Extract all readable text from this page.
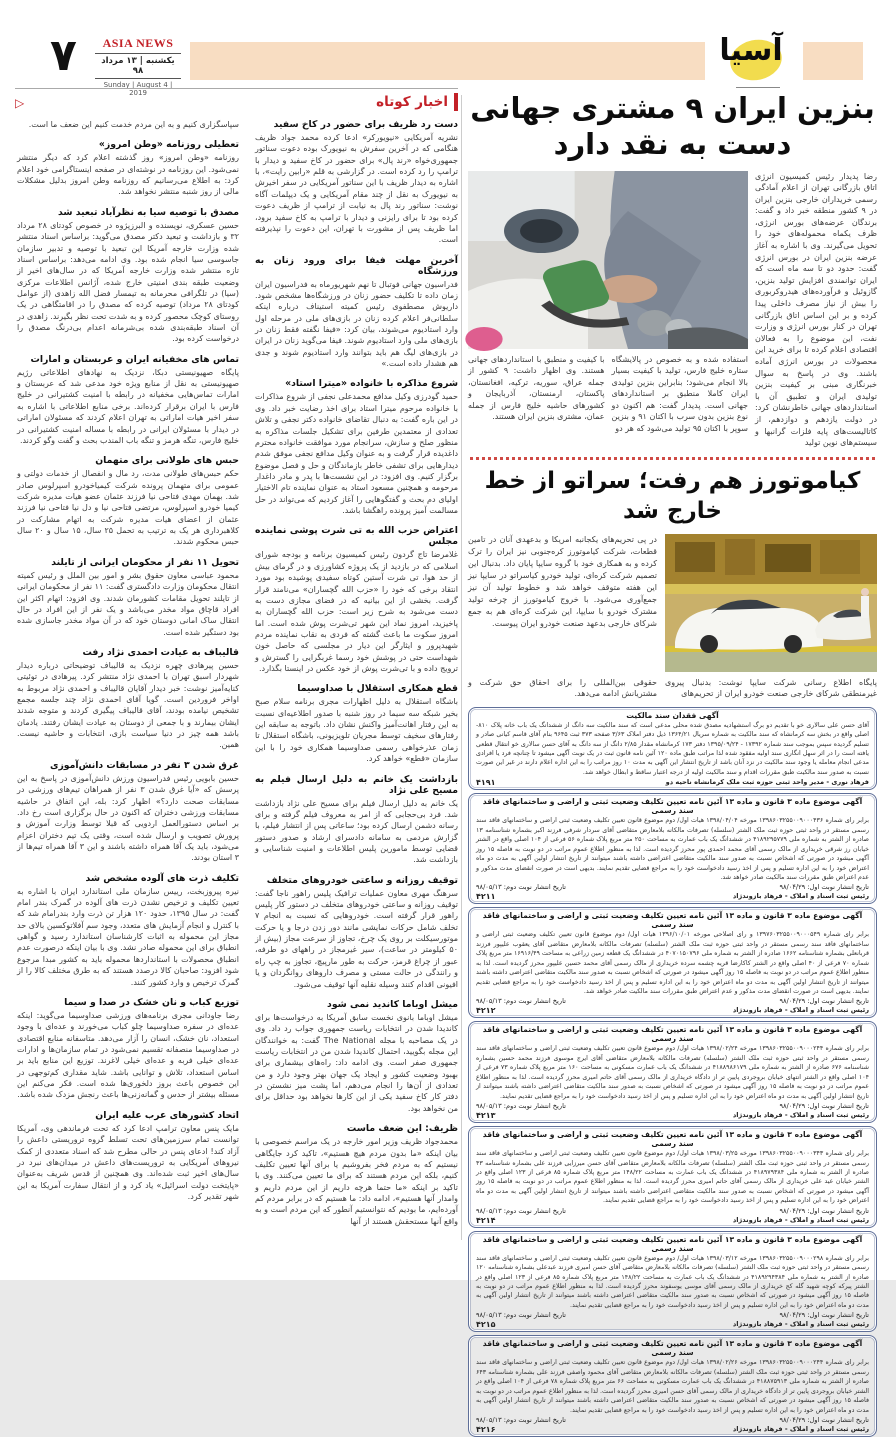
۷	ASIA NEWS
یکشنبه | ۱۳ مرداد ۹۸
Sunday | August 4 | 2019
آسیا
▷	اخبار کوتاه
دست رد ظریف برای حضور در کاخ سفید
نشریه آمریکایی «نیویورکر» ادعا کرده محمد جواد ظریف هنگامی که در آخرین سفرش به نیویورک بوده دعوت سناتور جمهوری‌خواه «رند پال» برای حضور در کاخ سفید و دیدار با ترامپ را رد کرده است. در گزارشی به قلم «رابین رایت»، با اشاره به دیدار ظریف با این سناتور آمریکایی در سفر اخیرش به نیویورک به نقل از چند مقام آمریکایی و یک دیپلمات آگاه نوشت: سناتور رند پال به نیابت از ترامپ از ظریف دعوت کرده بود تا برای رایزنی و دیدار با ترامپ به کاخ سفید برود، اما ظریف پس از مشورت با تهران، این دعوت را نپذیرفته است.
آخرین مهلت فیفا برای ورود زنان به ورزشگاه
فدراسیون جهانی فوتبال تا نهم شهریورماه به فدراسیون ایران زمان داده تا تکلیف حضور زنان در ورزشگاه‌ها مشخص شود. داریوش مصطفوی رئیس کمیته استیناف درباره اینکه سلطانی‌فر اعلام کرده زنان در بازی‌های ملی در مرحله اول وارد استادیوم می‌شوند، بیان کرد: «فیفا نگفته فقط زنان در بازی‌های ملی وارد استادیوم شوند. فیفا می‌گوید زنان در ایران در بازی‌های لیگ هم باید بتوانند وارد استادیوم شوند و جدی هم هشدار داده است.»
شروع مذاکره با خانواده «میترا استاد»
حمید گودرزی وکیل مدافع محمدعلی نجفی از شروع مذاکرات با خانواده مرحوم میترا استاد برای اخذ رضایت خبر داد. وی در این باره گفت: به دنبال تقاضای خانواده دکتر نجفی و تلاش تعدادی از معتمدین طرفین برای تشکیل جلسات مذاکره به منظور صلح و سازش، سرانجام مورد موافقت خانواده محترم داغدیده قرار گرفت و به عنوان وکیل مدافع نجفی موفق شدم دیدارهایی برای تشفی خاطر بازماندگان و حل و فصل موضوع برگزار کنیم. وی افزود: در این نشست‌ها با پدر و مادر داغدار مرحومه و همچنین مسعود استاد به عنوان نماینده تام الاختیار اولیای دم بحث و گفتگوهایی را آغاز کردیم که می‌تواند در حل مسالمت آمیز پرونده راهگشا باشد.
اعتراض حزب الله به تی شرت پوشی نماینده مجلس
غلامرضا تاج گردون رئیس کمیسیون برنامه و بودجه شورای اسلامی که در بازدید از یک پروژه کشاورزی و در گرمای بیش از حد هوا، تی شرت آستین کوتاه سفیدی پوشیده بود مورد انتقاد برخی که خود را «حزب الله گچساران» می‌نامند قرار گرفت. بخشی از این بیانیه که در فضای مجازی دست به دست می‌شود به شرح زیر است: حزب الله گچساران به پاخیزید، امروز نماد این شهر تی‌شرت پوش شده است. اما امروز سکوت ما باعث گشته که فردی به نقاب نماینده مردم شهیدپرور و ایثارگر این دیار در مجلسی که حاصل خون شهداست حتی در پوشش خود رسما غربگرایی را گسترش و ترویج داده و با تی‌شرت پوش از خود عکس در اینستا بگذارد.
قطع همکاری استقلال با صداوسیما
باشگاه استقلال به دلیل اظهارات مجری برنامه سلام صبح بخیر شبکه سه سیما در روز شنبه با صدور اطلاعیه‌ای نسبت به این رفتار اهانت‌آمیز واکنش نشان داد. باتوجه به سابقه این رفتارهای سخیف توسط مجریان تلویزیونی، باشگاه استقلال تا زمان عذرخواهی رسمی صداوسیما همکاری خود را با این سازمان «قطع» خواهد کرد.
بازداشت یک خانم به دلیل ارسال فیلم به مسیح علی نژاد
یک خانم به دلیل ارسال فیلم برای مسیح علی نژاد بازداشت شد. فرد بی‌حجابی که از امر به معروف فیلم گرفته و برای رسانه دشمن ارسال کرده بود؛ ساعاتی پس از انتشار فیلم، با گزارش مردمی به سامانه دادسرای ارشاد و صدور دستور قضایی توسط مامورین پلیس اطلاعات و امنیت شناسایی و بازداشت شد.
توقیف روزانه و ساعتی خودروهای متخلف
سرهنگ مهری معاون عملیات ترافیک پلیس راهور ناجا گفت: توقیف روزانه و ساعتی خودروهای متخلف در دستور کار پلیس راهور قرار گرفته است. خودروهایی که نسبت به انجام ۷ تخلف شامل حرکات نمایشی مانند دور زدن درجا و یا حرکت موتورسیکلت بر روی یک چرخ، تجاوز از سرعت مجاز (بیش از ۵۰ کیلومتر در ساعت)، سیر غیرمجاز در راههای دو طرفه، عبور از چراغ قرمز، حرکت به طور مارپیچ، تجاوز به چپ راه و رانندگی در حالت مستی و مصرف داروهای روانگردان و یا افیونی اقدام کنند وسیله نقلیه آنها توقیف می‌شود.
میشل اوباما کاندید نمی شود
میشل اوباما بانوی نخست سابق آمریکا به درخواست‌ها برای کاندیدا شدن در انتخابات ریاست جمهوری جواب رد داد. وی در یک مصاحبه با مجله The National گفت: به خوانندگان این مجله بگویید، احتمال کاندیدا شدن من در انتخابات ریاست جمهوری صفر است. وی ادامه داد: راه‌های بیشماری برای بهبود وضعیت کشور و ایجاد یک جهان بهتر وجود دارد و من تعدادی از آن‌ها را انجام می‌دهم، اما پشت میز نشستن در دفتر کار کاخ سفید یکی از این کارها نخواهد بود حداقل برای من نخواهد بود.
ظریف: این ضعف ماست
محمدجواد ظریف وزیر امور خارجه در یک مراسم خصوصی با بیان اینکه «ما بدون مردم هیچ هستیم»، تاکید کرد جایگاهی نیستیم که به مردم فخر بفروشیم یا برای آنها تعیین تکلیف کنیم، بلکه این مردم هستند که برای ما تعیین می‌کنند. وی با تاکید بر اینکه «ما حتما هرچه داریم از این مردم داریم و وامدار آنها هستیم»، ادامه داد: ما هستیم که در برابر مردم کم آورده‌ایم، ما بودیم که نتوانستیم آنطور که این مردم است و به واقع آنها مستحقش هستند از آنها
سپاسگزاری کنیم و به این مردم خدمت کنیم این ضعف ما است.
تعطیلی روزنامه «وطن امروز»
روزنامه «وطن امروز» روز گذشته اعلام کرد که دیگر منتشر نمی‌شود. این روزنامه در نوشته‌ای در صفحه اینستاگرامی خود اعلام کرد: به اطلاع می‌رسانیم که روزنامه وطن امروز بدلیل مشکلات مالی از روز شنبه منتشر نخواهد شد.
مصدق با توصیه سیا به نظرآباد تبعید شد
حسین عسکری، نویسنده و البرزپژوه در خصوص کودتای ۲۸ مرداد ۳۲ و بازداشت و تبعید دکتر مصدق می‌گوید: براساس اسناد منتشر شده وزارت خارجه آمریکا این تبعید با توصیه و تدبیر سازمان جاسوسی سیا انجام شده بود. وی ادامه می‌دهد: براساس اسناد تازه منتشر شده وزارت خارجه آمریکا که در سال‌های اخیر از وضعیت طبقه بندی امنیتی خارج شده، آژانس اطلاعات مرکزی (سیا) در تلگرافی محرمانه به تیمسار فضل الله زاهدی (از عوامل کودتای ۲۸ مرداد) توصیه کرده که مصدق را در اقامتگاهی در یک روستای کوچک محصور کرده و به شدت تحت نظر بگیرند. زاهدی در آن اسناد طبقه‌بندی شده بی‌شرمانه اعدام بی‌درنگ مصدق را درخواست کرده بود.
تماس های مخفیانه ایران و عربستان و امارات
پایگاه صهیونیستی دبکا، نزدیک به نهادهای اطلاعاتی رژیم صهیونیستی به نقل از منابع ویژه خود مدعی شد که عربستان و امارات تماس‌هایی مخفیانه در رابطه با امنیت کشتیرانی در خلیج فارس با ایران برقرار کرده‌اند. برخی منابع اطلاعاتی با اشاره به سفر اخیر هیات اماراتی به تهران اعلام کردند که مسئولان اماراتی در دیدار با مسئولان ایرانی در رابطه با مساله امنیت کشتیرانی در خلیج فارس، تنگه هرمز و تنگه باب المندب بحث و گفت وگو کردند.
حبس های طولانی برای متهمان
حکم حبس‌های طولانی مدت، رد مال و انفصال از خدمات دولتی و عمومی برای متهمان پرونده شرکت کیمیاخودرو اسپرلوس صادر شد. بهمان مهدی فتاحی نیا فرزند عثمان عضو هیات مدیره شرکت کیمیا خودرو اسپرلوس، مرتضی فتاحی نیا و دل نیا فتاحی نیا فرزند عثمان از اعضای هیات مدیره شرکت به اتهام مشارکت در کلاهبرداری هر یک به ترتیب به تحمل ۲۵ سال، ۱۵ سال و ۲۰ سال حبس محکوم شدند.
تحویل ۱۱ نفر از محکومان ایرانی از تایلند
محمود عباسی معاون حقوق بشر و امور بین الملل و رئیس کمیته انتقال محکومان وزارت دادگستری گفت: ۱۱ نفر از محکومان ایرانی از تایلند تحویل مقامات کشورمان شدند. وی افزود: اتهام اکثر این افراد قاچاق مواد مخدر می‌باشد و یک نفر از این افراد در حال انتقال ساک امانی دوستان خود که در آن مواد مخدر جاسازی شده بود دستگیر شده است.
قالیباف به عیادت احمدی نژاد رفت
حسین پیرهادی چهره نزدیک به قالیباف توضیحاتی درباره دیدار شهردار اسبق تهران با احمدی نژاد منتشر کرد. پیرهادی در توئیتی کنایه‌آمیز نوشت: خبر دیدار آقایان قالیباف و احمدی نژاد مربوط به اواخر فروردین است. گویا آقای احمدی نژاد چند جلسه مجمع تشخیص نیامده بودند، آقای قالیباف پیگیری کردند و متوجه شدند ایشان بیمارند و با جمعی از دوستان به عیادت ایشان رفتند. یادمان باشد همه چیز در دنیا سیاست بازی، انتخابات و حاشیه نیست. همین.
غرق شدن ۳ نفر در مسابقات دانش‌آموزی
حسین بابویی رئیس فدراسیون ورزش دانش‌آموزی در پاسخ به این پرسش که «آیا غرق شدن ۳ نفر از همراهان تیم‌های ورزشی در مسابقات صحت دارد؟» اظهار کرد: بله، این اتفاق در حاشیه مسابقات ورزشی دختران که اکنون در حال برگزاری است رخ داد. بر اساس دستورالعمل اردویی که قبلا توسط وزارت آموزش و پرورش تصویب و ارسال شده است، وقتی یک تیم دختران اعزام می‌شود، باید یک آقا همراه داشته باشند و این ۳ آقا همراه تیم‌ها از ۳ استان بودند.
تکلیف ذرت های آلوده مشخص شد
نیره پیروزبخت، رییس سازمان ملی استاندارد ایران با اشاره به تعیین تکلیف و ترخیص نشدن ذرت های آلوده در گمرک بندر امام گفت: در سال ۱۳۹۵، حدود ۱۲۰ هزار تن ذرت وارد بندرامام شد که با کنترل و انجام آزمایش های متعدد، وجود سم آفلاتوکسین بالای حد مجاز این محموله به اثبات کارشناسان استاندارد رسید و گواهی انطباق برای این محموله صادر نشد. وی با بیان اینکه درصورت عدم انطباق محصولات با استانداردها محموله باید به کشور مبدا مرجوع شود افزود: صاحبان کالا درصدد هستند که به طرق مختلف کالا را از گمرک ترخیص و وارد کشور کنند.
توزیع کباب و نان خشک در صدا و سیما
رضا جاودانی مجری برنامه‌های ورزشی صداوسیما می‌گوید: اینکه عده‌ای در سفره صداوسیما چلو کباب می‌خورند و عده‌ای با وجود استعداد، نان خشک، انسان را آزار می‌دهد. متاسفانه منابع اقتصادی در صداوسیما منصفانه تقسیم نمی‌شود در تمام سازمان‌ها و ادارات عده‌ای خیلی فربه و عده‌ای خیلی لاغرند. توزیع این منابع باید بر اساس استعداد، تلاش و توانایی باشد. شاید مقداری کم‌توجهی در این خصوص باعث بروز دلخوری‌ها شده است. فکر می‌کنم این مسئله بیشتر از حدس و گمانه‌زنی‌ها باعث رنجش مزدک شده باشد.
اتحاد کشورهای عرب علیه ایران
مایک پنس معاون ترامپ ادعا کرد که تحت فرماندهی وی، آمریکا توانست تمام سرزمین‌های تحت تسلط گروه تروریستی داعش را آزاد کند! ادعای پنس در حالی مطرح شد که اسناد متعددی از کمک نیروهای آمریکایی به تروریست‌های داعش در میدان‌های نبرد در سال‌های اخیر ثبت شده‌اند. وی همچنین از قدس شریف به‌عنوان «پایتخت دولت اسرائیل» یاد کرد و از انتقال سفارت آمریکا به این شهر تقدیر کرد.
بنزین ایران ۹ مشتری جهانی دست به نقد دارد
رضا پدیدار رئیس کمیسیون انرژی اتاق بازرگانی تهران از اعلام آمادگی رسمی خریداران خارجی بنزین ایران در ۹ کشور منطقه خبر داد و گفت: برندگان عرضه‌های بورس انرژی، ظرف یکماه محموله‌های خود را تحویل می‌گیرند. وی با اشاره به آغاز عرضه بنزین ایران در بورس انرژی گفت: حدود دو تا سه ماه است که ایران توانمندی افزایش تولید بنزین، گازوئیل و فرآورده‌های هیدروکربوری را بیش از نیاز مصرف داخلی پیدا کرده و بر این اساس اتاق بازرگانی تهران در کنار بورس انرژی و وزارت نفت، این موضوع را به فعالان اقتصادی اعلام کرده تا برای خرید این محصولات در بورس انرژی آماده باشند. وی در پاسخ به سوال خبرنگاری مبنی بر کیفیت بنزین تولیدی ایران و تطبیق آن با استانداردهای جهانی خاطرنشان کرد: در دولت یازدهم و دوازدهم، از کاتالیست‌های پایه فلزات گرانبها و سیستم‌های نوین تولید
استفاده شده و به خصوص در پالایشگاه ستاره خلیج فارس، تولید با کیفیت بسیار بالا انجام می‌شود؛ بنابراین بنزین تولیدی ایران کاملا منطبق بر استانداردهای جهانی است. پدیدار گفت: هم اکنون دو نوع بنزین بدون سرب با اکتان ۹۱ و بنزین سوپر با اکتان ۹۵ تولید می‌شود که هر دو
با کیفیت و منطبق با استانداردهای جهانی هستند. وی اظهار داشت: ۹ کشور از جمله عراق، سوریه، ترکیه، افغانستان، پاکستان، ارمنستان، آذربایجان و کشورهای حاشیه خلیج فارس از جمله عمان، مشتری بنزین ایران هستند.
کیاموتورز هم رفت؛ سراتو از خط خارج شد
در پی تحریم‌های یکجانبه امریکا و بدعهدی آنان در تامین قطعات، شرکت کیاموتورز کره‌جنوبی نیز ایران را ترک کرده و به همکاری خود با گروه سایپا پایان داد. بدنبال این تصمیم شرکت کره‌ای، تولید خودرو کیاسراتو در سایپا نیز این هفته متوقف خواهد شد و خطوط تولید آن نیز جمع‌آوری می‌شود. با خروج کیاموتورز از چرخه تولید مشترک خودرو با سایپا، این شرکت کره‌ای هم به جمع شرکای خارجی بدعهد صنعت خودرو ایران پیوست.
پایگاه اطلاع رسانی شرکت سایپا نوشت: بدنبال پیروی غیرمنطقی شرکای خارجی صنعت خودرو ایران از تحریم‌های
حقوقی بین‌المللی را برای احقاق حق شرکت و مشتریانش ادامه می‌دهد.
آگهی فقدان سند مالکیت
آقای حسن علی سالاری خو با تقدیم دو برگ استشهادیه مصدق شده محلی مدعی است که سند مالکیت سه دانگ از ششدانگ یک باب خانه پلاک ۸۱۰- اصلی واقع در بخش سه کرمانشاه که سند مالکیت به شماره سریال ۱۳۶۴/۲۱ ذیل دفتر املاک ۳/۶۳ صفحه ۳۷۳ ثبت ۹۶۴۵ بنام آقای قاسم کیانی صادر و تسلیم گردیده سپس بموجب سند شماره ۱۷۳۹۲ - ۱۳۹۵/۰۹/۲۴ دفتر ۱۷۳ کرمانشاه مقدار ۲/۸۵ دانگ از سه دانگ به آقای حسن سالاری خو انتقال قطعی یافته است را در اثر سهل انگاری سند اولیه مفقود شده لذا مراتب طبق ماده ۱۲۰ آئین نامه قانون ثبت در یک نوبت آگهی میشود تا چنانچه فرد یا افرادی مدعی انجام معامله یا وجود سند مالکیت در نزد آنان باشد از تاریخ انتشار این آگهی به مدت ۱۰ روز مراتب را به این اداره اعلام دارند در غیر این صورت نسبت به صدور سند مالکیت طبق مقررات اقدام و سند مالکیت اولیه از درجه اعتبار ساقط و ابطال خواهد شد.
فرهاد نوری - مدیر واحد ثبتی حوزه ثبت ملک کرمانشاه ناحیه دو
۴۱۹۱
آگهی موضوع ماده ۳ قانون و ماده ۱۳ آئین نامه تعیین تکلیف وضعیت ثبتی و اراضی و ساختمانهای فاقد سند رسمی
برابر رای شماره ۱۳۹۸۶۰۳۲۵۵۰۰۹۰۰۰۴۳۶ مورخه ۱۳۹۸/۰۴/۰۴ هیات اول/ دوم موضوع قانون تعیین تکلیف وضعیت ثبتی اراضی و ساختمانهای فاقد سند رسمی مستقر در واحد ثبتی حوزه ثبت ملک الشتر (سلسله) تصرفات مالکانه بلامعارض متقاضی آقای سردار شرفی فرزند اکبر بشماره شناسنامه ۱۳ صادره از الشتر به شماره ملی ۴۱۸۹۲۹۵۷۷۹ در ششدانگ یک باب عمارت به مساحت ۲۵۰ متر مربع پلاک شماره ۵۶ فرعی از ۱۰۴ اصلی واقع در الشتر خیابان رز شرقی خریداری از مالک رسمی آقای محمد احمدی پور محرز گردیده است. لذا به منظور اطلاع عموم مراتب در دو نوبت به فاصله ۱۵ روز آگهی میشود در صورتی که اشخاص نسبت به صدور سند مالکیت متقاضی اعتراضی داشته باشند میتوانند از تاریخ انتشار اولین آگهی به مدت دو ماه اعتراض خود را به این اداره تسلیم و پس از اخذ رسید دادخواست خود را به مراجع قضایی تقدیم نمایند. بدیهی است در صورت انقضای مدت مذکور و عدم اعتراض طبق مقررات سند مالکیت صادر خواهد شد.
تاریخ انتشار نوبت اول: ۹۸/۰۴/۲۹
تاریخ انتشار نوبت دوم: ۹۸/۰۵/۱۳
رئیس ثبت اسناد و املاک - فرهاد بازوندژاد
۴۲۱۱
آگهی موضوع ماده ۳ قانون و ماده ۱۳ آئین نامه تعیین تکلیف وضعیت ثبتی و اراضی و ساختمانهای فاقد سند رسمی
برابر رای شماره ۱۳۹۷۶۰۳۲۵۵۰۰۹۰۰۰۵۴۹ و رای اصلاحی مورخه ۱۳۹۶/۱۰/۰۱ هیات اول/ دوم موضوع قانون تعیین تکلیف وضعیت ثبتی اراضی و ساختمانهای فاقد سند رسمی مستقر در واحد ثبتی حوزه ثبت ملک الشتر (سلسله) تصرفات مالکانه بلامعارض متقاضی آقای یعقوب علیپور فرزند قربانعلی بشماره شناسنامه ۱۶۶۲ صادره از الشتر به شماره ملی ۴۰۷۰۱۵۰۷۹۶ در ششدانگ یک قطعه زمین زراعی به مساحت ۱۶۹۱۶/۴۹ متر مربع پلاک شماره ۷۰ فرعی از ۴۰ اصلی واقع در الشتر کاکارضا قریه چشمه سرده خریداری از مالک رسمی آقای محمد حسین علیپور محرز گردیده است. لذا به منظور اطلاع عموم مراتب در دو نوبت به فاصله ۱۵ روز آگهی میشود در صورتی که اشخاص نسبت به صدور سند مالکیت متقاضی اعتراضی داشته باشند میتوانند از تاریخ انتشار اولین آگهی به مدت دو ماه اعتراض خود را به این اداره تسلیم و پس از اخذ رسید دادخواست خود را به مراجع قضایی تقدیم نمایند. بدیهی است در صورت انقضای مدت مذکور و عدم اعتراض طبق مقررات سند مالکیت صادر خواهد شد.
تاریخ انتشار نوبت اول: ۹۸/۰۴/۲۹
تاریخ انتشار نوبت دوم: ۹۸/۰۵/۱۳
رئیس ثبت اسناد و املاک - فرهاد بازوندژاد
۴۲۱۲
آگهی موضوع ماده ۳ قانون و ماده ۱۳ آئین نامه تعیین تکلیف وضعیت ثبتی و اراضی و ساختمانهای فاقد سند رسمی
برابر رای شماره ۱۳۹۸۶۰۳۲۵۵۰۰۹۰۰۰۲۴۴ مورخه ۱۳۹۸/۰۲/۲۴ هیات اول/ دوم موضوع قانون تعیین تکلیف وضعیت ثبتی اراضی و ساختمانهای فاقد سند رسمی مستقر در واحد ثبتی حوزه ثبت ملک الشتر (سلسله) تصرفات مالکانه بلامعارض متقاضی آقای ایرج موسوی فرزند محمد حسین بشماره شناسنامه ۶۷۶ صادره از الشتر به شماره ملی ۴۱۸۸۹۸۶۱۷۹ در ششدانگ یک باب عمارت مسکونی به مساحت ۱۶۰ متر مربع پلاک شماره ۷۳ فرعی از ۱۰۴ اصلی واقع در الشتر انتهای خیابان بروجردی پایین تر از دادگاه خریداری از مالک رسمی آقای حاتم امیری محرز گردیده است. لذا به منظور اطلاع عموم مراتب در دو نوبت به فاصله ۱۵ روز آگهی میشود در صورتی که اشخاص نسبت به صدور سند مالکیت متقاضی اعتراضی داشته باشند میتوانند از تاریخ انتشار اولین آگهی به مدت دو ماه اعتراض خود را به این اداره تسلیم و پس از اخذ رسید دادخواست خود را به مراجع قضایی تقدیم نمایند.
تاریخ انتشار نوبت اول: ۹۸/۰۴/۲۹
تاریخ انتشار نوبت دوم: ۹۸/۰۵/۱۳
رئیس ثبت اسناد و املاک - فرهاد بازوندژاد
۴۲۱۳
آگهی موضوع ماده ۳ قانون و ماده ۱۳ آئین نامه تعیین تکلیف وضعیت ثبتی و اراضی و ساختمانهای فاقد سند رسمی
برابر رای شماره ۱۳۹۸۶۰۳۲۵۵۰۰۹۰۰۰۳۴۳ مورخه ۱۳۹۸/۰۳/۲۵ هیات اول/ دوم موضوع قانون تعیین تکلیف وضعیت ثبتی اراضی و ساختمانهای فاقد سند رسمی مستقر در واحد ثبتی حوزه ثبت ملک الشتر (سلسله) تصرفات مالکانه بلامعارض متقاضی آقای حسن میرزایی فرزند علی بشماره شناسنامه ۴۳ صادره از الشتر به شماره ملی ۴۱۸۹۷۹۳۸۴ در ششدانگ یک باب عمارت به مساحت ۱۴۸/۲۲ متر مربع پلاک شماره ۸۵ فرعی از ۱۲۳ اصلی واقع در الشتر خیابان عید علی خریداری از مالک رسمی آقای حاتم امیری محرز گردیده است. لذا به منظور اطلاع عموم مراتب در دو نوبت به فاصله ۱۵ روز آگهی میشود در صورتی که اشخاص نسبت به صدور سند مالکیت متقاضی اعتراضی داشته باشند میتوانند از تاریخ انتشار اولین آگهی به مدت دو ماه اعتراض خود را به این اداره تسلیم و پس از اخذ رسید دادخواست خود را به مراجع قضایی تقدیم نمایند.
تاریخ انتشار نوبت اول: ۹۸/۰۴/۲۹
تاریخ انتشار نوبت دوم: ۹۸/۰۵/۱۳
رئیس ثبت اسناد و املاک - فرهاد بازوندژاد
۴۲۱۴
آگهی موضوع ماده ۳ قانون و ماده ۱۳ آئین نامه تعیین تکلیف وضعیت ثبتی و اراضی و ساختمانهای فاقد سند رسمی
برابر رای شماره ۱۳۹۸۶۰۳۲۵۵۰۰۹۰۰۰۲۹۸ مورخه ۱۳۹۸/۰۳/۱۲ هیات اول/ دوم موضوع قانون تعیین تکلیف وضعیت ثبتی اراضی و ساختمانهای فاقد سند رسمی مستقر در واحد ثبتی حوزه ثبت ملک الشتر (سلسله) تصرفات مالکانه بلامعارض متقاضی آقای حسن امیری فرزند عبدعلی بشماره شناسنامه ۱۲۰ صادره از الشتر به شماره ملی ۴۱۸۹۲۹۴۳۸۴ در ششدانگ یک باب عمارت به مساحت ۱۴۸/۲۲ متر مربع پلاک شماره ۸۵ فرعی از ۱۲۳ اصلی واقع در الشتر پیرکه کوچه شهید گله کج خریداری از مالک رسمی آقای موسی یوسفوند محرز گردیده است. لذا به منظور اطلاع عموم مراتب در دو نوبت به فاصله ۱۵ روز آگهی میشود در صورتی که اشخاص نسبت به صدور سند مالکیت متقاضی اعتراضی داشته باشند میتوانند از تاریخ انتشار اولین آگهی به مدت دو ماه اعتراض خود را به این اداره تسلیم و پس از اخذ رسید دادخواست خود را به مراجع قضایی تقدیم نمایند.
تاریخ انتشار نوبت اول: ۹۸/۰۴/۲۹
تاریخ انتشار نوبت دوم: ۹۸/۰۵/۱۳
رئیس ثبت اسناد و املاک - فرهاد بازوندژاد
۴۲۱۵
آگهی موضوع ماده ۳ قانون و ماده ۱۳ آئین نامه تعیین تکلیف وضعیت ثبتی و اراضی و ساختمانهای فاقد سند رسمی
برابر رای شماره ۱۳۹۸۶۰۳۲۵۵۰۰۹۰۰۰۲۴۴ مورخه ۱۳۹۸/۰۲/۲۶ هیات اول/ دوم موضوع قانون تعیین تکلیف وضعیت ثبتی اراضی و ساختمانهای فاقد سند رسمی مستقر در واحد ثبتی حوزه ثبت ملک الشتر (سلسله) تصرفات مالکانه بلامعارض متقاضی آقای محمود واصفی فرزند علی بشماره شناسنامه ۶۴۳ صادره از الشتر به شماره ملی ۴۱۸۸۷۵۹۱۳ در ششدانگ یک باب عمارت مسکونی به مساحت ۶۶ متر مربع پلاک شماره ۷۸ فرعی از ۱۰۴ اصلی واقع در الشتر خیابان بروجردی پایین تر از دادگاه خریداری از مالک رسمی آقای حسن امیری محرز گردیده است. لذا به منظور اطلاع عموم مراتب در دو نوبت به فاصله ۱۵ روز آگهی میشود در صورتی که اشخاص نسبت به صدور سند مالکیت متقاضی اعتراضی داشته باشند میتوانند از تاریخ انتشار اولین آگهی به مدت دو ماه اعتراض خود را به این اداره تسلیم و پس از اخذ رسید دادخواست خود را به مراجع قضایی تقدیم نمایند.
تاریخ انتشار نوبت اول: ۹۸/۰۴/۲۹
تاریخ انتشار نوبت دوم: ۹۸/۰۵/۱۳
رئیس ثبت اسناد و املاک - فرهاد بازوندژاد
۴۲۱۶
